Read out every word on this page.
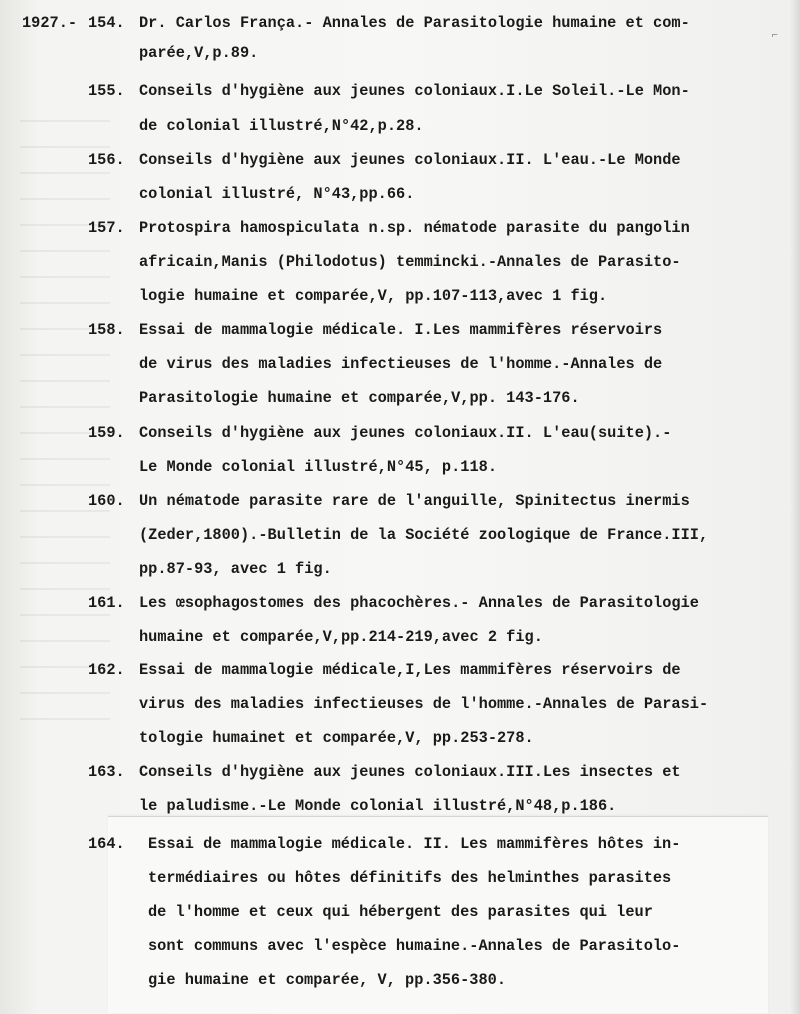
⌐
1927.- 154. Dr. Carlos França.- Annales de Parasitologie humaine et com-
parée,V,p.89.
155. Conseils d'hygiène aux jeunes coloniaux.I.Le Soleil.-Le Mon-
de colonial illustré,N°42,p.28.
156. Conseils d'hygiène aux jeunes coloniaux.II. L'eau.-Le Monde
colonial illustré, N°43,pp.66.
157. Protospira hamospiculata n.sp. nématode parasite du pangolin
africain,Manis (Philodotus) temmincki.-Annales de Parasito-
logie humaine et comparée,V, pp.107-113,avec 1 fig.
158. Essai de mammalogie médicale. I.Les mammifères réservoirs
de virus des maladies infectieuses de l'homme.-Annales de
Parasitologie humaine et comparée,V,pp. 143-176.
159. Conseils d'hygiène aux jeunes coloniaux.II. L'eau(suite).-
Le Monde colonial illustré,N°45, p.118.
160. Un nématode parasite rare de l'anguille, Spinitectus inermis
(Zeder,1800).-Bulletin de la Société zoologique de France.III,
pp.87-93, avec 1 fig.
161. Les œsophagostomes des phacochères.- Annales de Parasitologie
humaine et comparée,V,pp.214-219,avec 2 fig.
162. Essai de mammalogie médicale,I,Les mammifères réservoirs de
virus des maladies infectieuses de l'homme.-Annales de Parasi-
tologie humainet et comparée,V, pp.253-278.
163. Conseils d'hygiène aux jeunes coloniaux.III.Les insectes et
le paludisme.-Le Monde colonial illustré,N°48,p.186.
164. Essai de mammalogie médicale. II. Les mammifères hôtes in-
termédiaires ou hôtes définitifs des helminthes parasites
de l'homme et ceux qui hébergent des parasites qui leur
sont communs avec l'espèce humaine.-Annales de Parasitolo-
gie humaine et comparée, V, pp.356-380.
